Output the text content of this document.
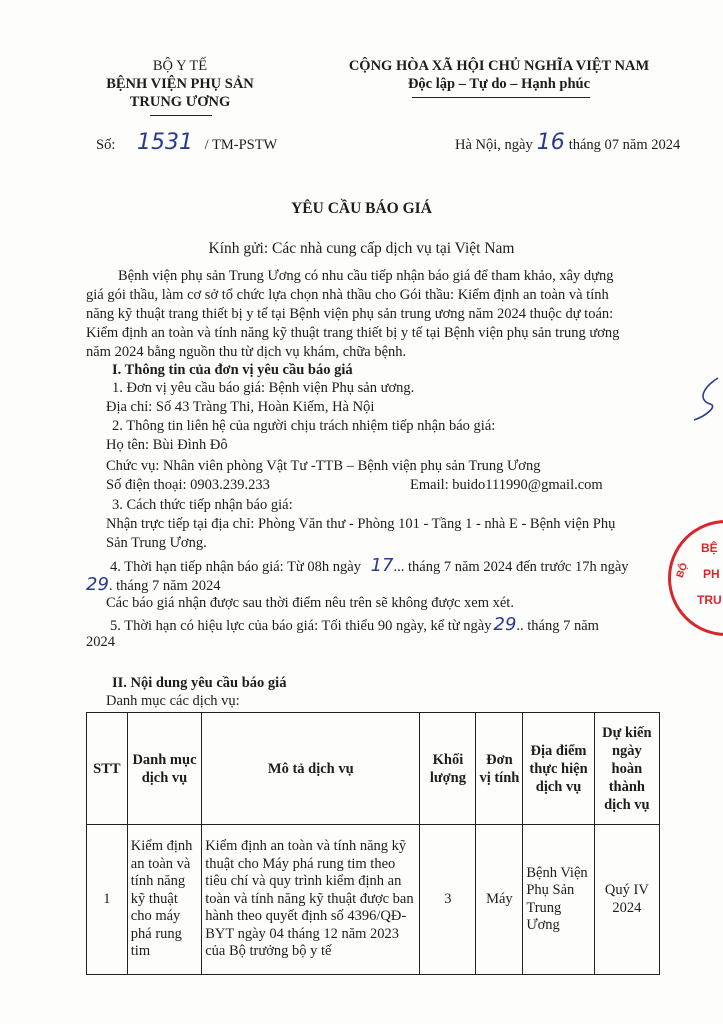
BỘ Y TẾ
BỆNH VIỆN PHỤ SẢN
TRUNG ƯƠNG
CỘNG HÒA XÃ HỘI CHỦ NGHĨA VIỆT NAM
Độc lập – Tự do – Hạnh phúc
Số: 1531 / TM-PSTW	Hà Nội, ngày 16 tháng 07 năm 2024
YÊU CẦU BÁO GIÁ
Kính gửi: Các nhà cung cấp dịch vụ tại Việt Nam
Bệnh viện phụ sản Trung Ương có nhu cầu tiếp nhận báo giá để tham khảo, xây dựng
giá gói thầu, làm cơ sở tổ chức lựa chọn nhà thầu cho Gói thầu: Kiểm định an toàn và tính
năng kỹ thuật trang thiết bị y tế tại Bệnh viện phụ sản trung ương năm 2024 thuộc dự toán:
Kiểm định an toàn và tính năng kỹ thuật trang thiết bị y tế tại Bệnh viện phụ sản trung ương
năm 2024 bằng nguồn thu từ dịch vụ khám, chữa bệnh.
I. Thông tin của đơn vị yêu cầu báo giá
1. Đơn vị yêu cầu báo giá: Bệnh viện Phụ sản ương.
Địa chỉ: Số 43 Tràng Thi, Hoàn Kiếm, Hà Nội
2. Thông tin liên hệ của người chịu trách nhiệm tiếp nhận báo giá:
Họ tên: Bùi Đình Đô
Chức vụ: Nhân viên phòng Vật Tư -TTB – Bệnh viện phụ sản Trung Ương
Số điện thoại: 0903.239.233	Email: buido111990@gmail.com
3. Cách thức tiếp nhận báo giá:
Nhận trực tiếp tại địa chỉ: Phòng Văn thư - Phòng 101 - Tầng 1 - nhà E - Bệnh viện Phụ
Sản Trung Ương.
4. Thời hạn tiếp nhận báo giá: Từ 08h ngày 17... tháng 7 năm 2024 đến trước 17h ngày
29. tháng 7 năm 2024
Các báo giá nhận được sau thời điểm nêu trên sẽ không được xem xét.
5. Thời hạn có hiệu lực của báo giá: Tối thiểu 90 ngày, kể từ ngày 29.. tháng 7 năm
2024
II. Nội dung yêu cầu báo giá
Danh mục các dịch vụ:
STT	Danh mục dịch vụ	Mô tả dịch vụ	Khối lượng	Đơn vị tính	Địa điểm thực hiện dịch vụ	Dự kiến ngày hoàn thành dịch vụ
1	Kiểm định an toàn và tính năng kỹ thuật cho máy phá rung tim	Kiểm định an toàn và tính năng kỹ thuật cho Máy phá rung tim theo tiêu chí và quy trình kiểm định an toàn và tính năng kỹ thuật được ban hành theo quyết định số 4396/QĐ-BYT ngày 04 tháng 12 năm 2023 của Bộ trưởng bộ y tế	3	Máy	Bệnh Viện Phụ Sản Trung Ương	Quý IV 2024
BỆ
PH
TRU
BỘ
